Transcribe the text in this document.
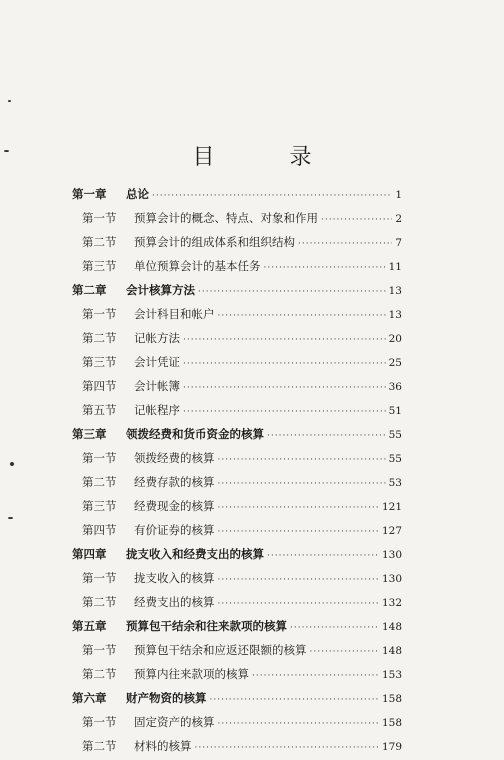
目 录
第一章	总论 ·····	1
第一节	预算会计的概念、特点、对象和作用 ·····	2
第二节	预算会计的组成体系和组织结构 ·····	7
第三节	单位预算会计的基本任务 ·····	11
第二章	会计核算方法 ·····	13
第一节	会计科目和帐户 ·····	13
第二节	记帐方法 ·····	20
第三节	会计凭证 ·····	25
第四节	会计帐簿 ·····	36
第五节	记帐程序 ·····	51
第三章	领拨经费和货币资金的核算 ·····	55
第一节	领拨经费的核算 ·····	55
第二节	经费存款的核算 ·····	53
第三节	经费现金的核算 ·····	121
第四节	有价证券的核算 ·····	127
第四章	拢支收入和经费支出的核算 ·····	130
第一节	拢支收入的核算 ·····	130
第二节	经费支出的核算 ·····	132
第五章	预算包干结余和往来款项的核算 ·····	148
第一节	预算包干结余和应返还限额的核算 ·····	148
第二节	预算内往来款项的核算 ·····	153
第六章	财产物资的核算 ·····	158
第一节	固定资产的核算 ·····	158
第二节	材料的核算 ·····	179
